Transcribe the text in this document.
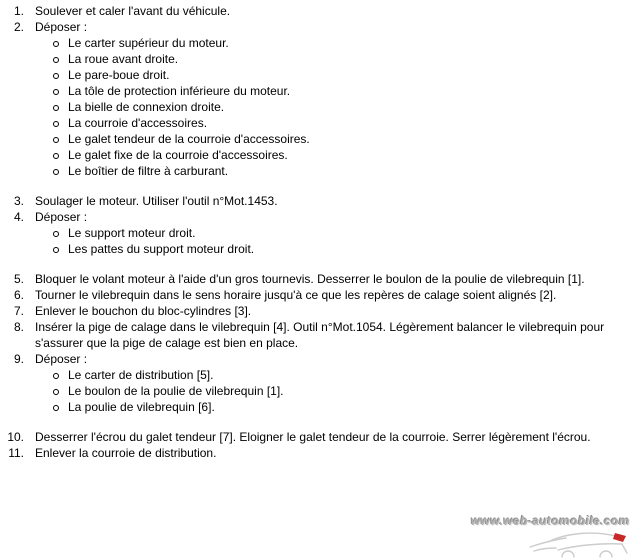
1. Soulever et caler l'avant du véhicule.
2. Déposer :
Le carter supérieur du moteur.
La roue avant droite.
Le pare-boue droit.
La tôle de protection inférieure du moteur.
La bielle de connexion droite.
La courroie d'accessoires.
Le galet tendeur de la courroie d'accessoires.
Le galet fixe de la courroie d'accessoires.
Le boîtier de filtre à carburant.
3. Soulager le moteur. Utiliser l'outil n°Mot.1453.
4. Déposer :
Le support moteur droit.
Les pattes du support moteur droit.
5. Bloquer le volant moteur à l'aide d'un gros tournevis. Desserrer le boulon de la poulie de vilebrequin [1].
6. Tourner le vilebrequin dans le sens horaire jusqu'à ce que les repères de calage soient alignés [2].
7. Enlever le bouchon du bloc-cylindres [3].
8. Insérer la pige de calage dans le vilebrequin [4]. Outil n°Mot.1054. Légèrement balancer le vilebrequin pour s'assurer que la pige de calage est bien en place.
9. Déposer :
Le carter de distribution [5].
Le boulon de la poulie de vilebrequin [1].
La poulie de vilebrequin [6].
10. Desserrer l'écrou du galet tendeur [7]. Eloigner le galet tendeur de la courroie. Serrer légèrement l'écrou.
11. Enlever la courroie de distribution.
www.web-automobile.com
